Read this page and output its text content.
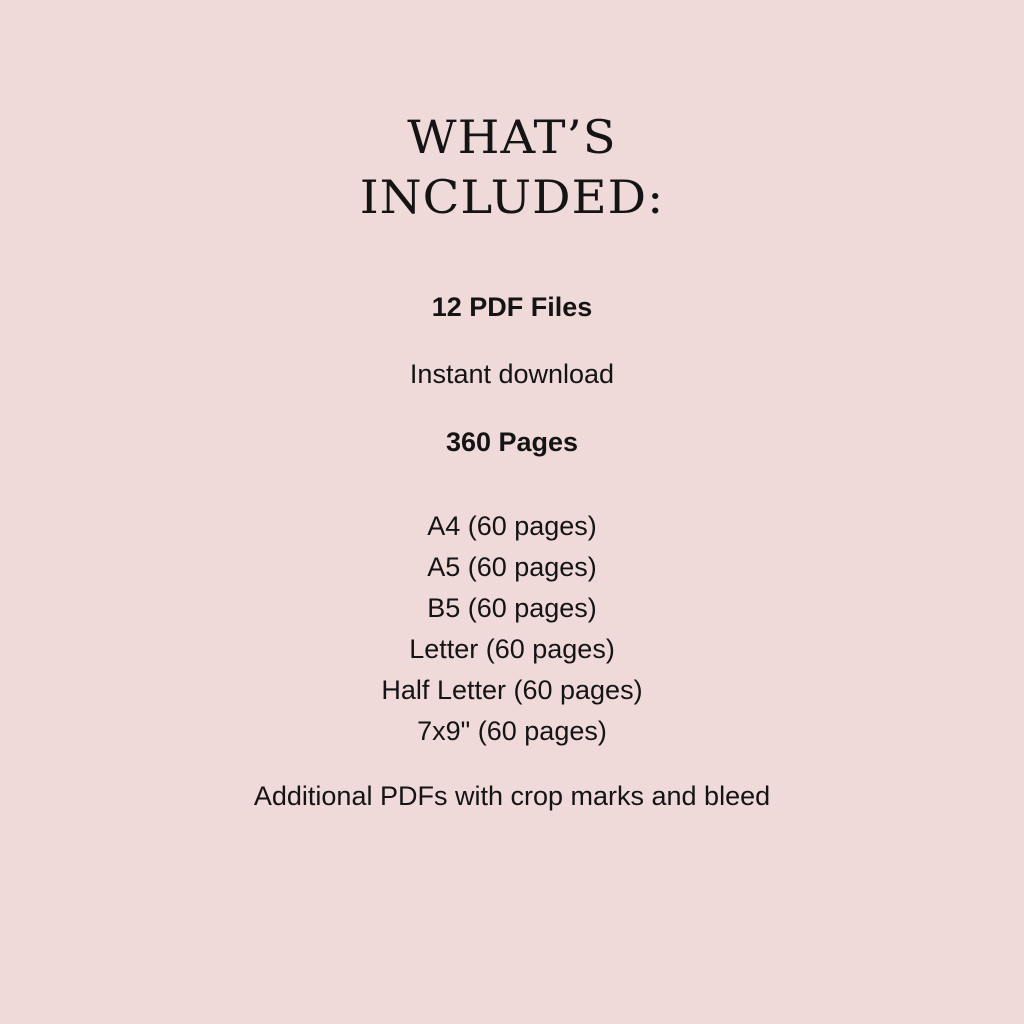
WHAT’S
INCLUDED:

12 PDF Files

Instant download

360 Pages

A4 (60 pages)
A5 (60 pages)
B5 (60 pages)
Letter (60 pages)
Half Letter (60 pages)
7x9" (60 pages)

Additional PDFs with crop marks and bleed
